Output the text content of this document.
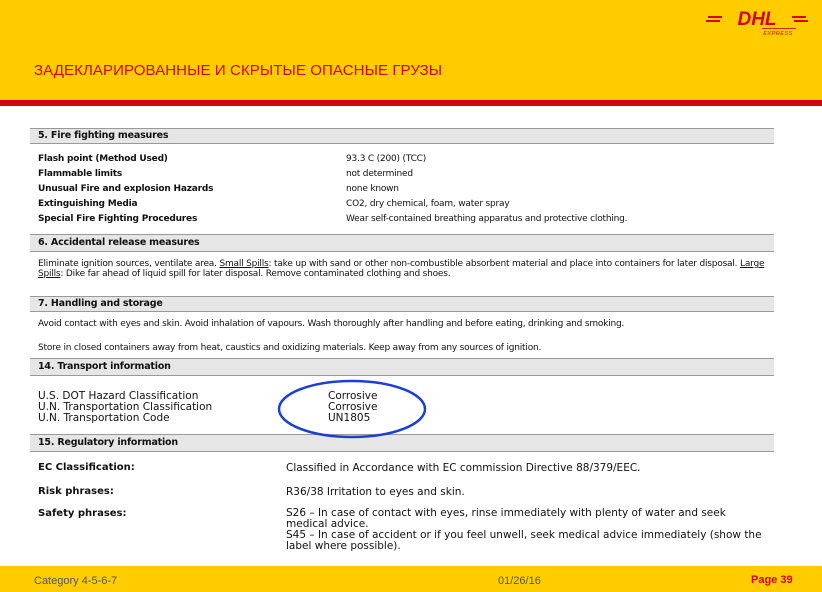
DHL
EXPRESS
ЗАДЕКЛАРИРОВАННЫЕ И СКРЫТЫЕ ОПАСНЫЕ ГРУЗЫ
5. Fire fighting measures
Flash point (Method Used)	93.3 C (200) (TCC)
Flammable limits	not determined
Unusual Fire and explosion Hazards	none known
Extinguishing Media	CO2, dry chemical, foam, water spray
Special Fire Fighting Procedures	Wear self-contained breathing apparatus and protective clothing.
6. Accidental release measures
Eliminate ignition sources, ventilate area. Small Spills: take up with sand or other non-combustible absorbent material and place into containers for later disposal. Large Spills: Dike far ahead of liquid spill for later disposal. Remove contaminated clothing and shoes.
7. Handling and storage
Avoid contact with eyes and skin. Avoid inhalation of vapours. Wash thoroughly after handling and before eating, drinking and smoking.
Store in closed containers away from heat, caustics and oxidizing materials. Keep away from any sources of ignition.
14. Transport information
U.S. DOT Hazard Classification	Corrosive
U.N. Transportation Classification	Corrosive
U.N. Transportation Code	UN1805
15. Regulatory information
EC Classification:	Classified in Accordance with EC commission Directive 88/379/EEC.
Risk phrases:	R36/38 Irritation to eyes and skin.
Safety phrases:	S26 – In case of contact with eyes, rinse immediately with plenty of water and seek medical advice.
S45 – In case of accident or if you feel unwell, seek medical advice immediately (show the label where possible).
Category 4-5-6-7	01/26/16	Page 39
